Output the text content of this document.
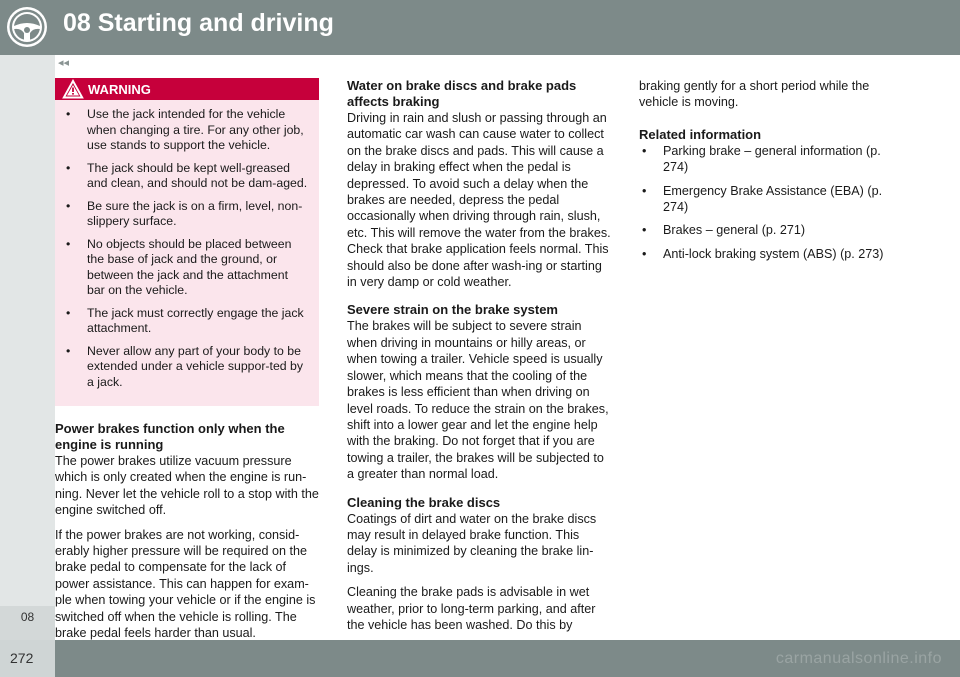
08 Starting and driving
08
◂◂
WARNING
• Use the jack intended for the vehicle when changing a tire. For any other job, use stands to support the vehicle.
• The jack should be kept well-greased and clean, and should not be dam-aged.
• Be sure the jack is on a firm, level, non-slippery surface.
• No objects should be placed between the base of jack and the ground, or between the jack and the attachment bar on the vehicle.
• The jack must correctly engage the jack attachment.
• Never allow any part of your body to be extended under a vehicle suppor-ted by a jack.
Power brakes function only when the engine is running

The power brakes utilize vacuum pressure which is only created when the engine is run-ning. Never let the vehicle roll to a stop with the engine switched off.

If the power brakes are not working, consid-erably higher pressure will be required on the brake pedal to compensate for the lack of power assistance. This can happen for exam-ple when towing your vehicle or if the engine is switched off when the vehicle is rolling. The brake pedal feels harder than usual.

Water on brake discs and brake pads affects braking

Driving in rain and slush or passing through an automatic car wash can cause water to collect on the brake discs and pads. This will cause a delay in braking effect when the pedal is depressed. To avoid such a delay when the brakes are needed, depress the pedal occasionally when driving through rain, slush, etc. This will remove the water from the brakes. Check that brake application feels normal. This should also be done after wash-ing or starting in very damp or cold weather.

Severe strain on the brake system

The brakes will be subject to severe strain when driving in mountains or hilly areas, or when towing a trailer. Vehicle speed is usually slower, which means that the cooling of the brakes is less efficient than when driving on level roads. To reduce the strain on the brakes, shift into a lower gear and let the engine help with the braking. Do not forget that if you are towing a trailer, the brakes will be subjected to a greater than normal load.

Cleaning the brake discs

Coatings of dirt and water on the brake discs may result in delayed brake function. This delay is minimized by cleaning the brake lin-ings.

Cleaning the brake pads is advisable in wet weather, prior to long-term parking, and after the vehicle has been washed. Do this by

braking gently for a short period while the vehicle is moving.

Related information
• Parking brake – general information (p. 274)
• Emergency Brake Assistance (EBA) (p. 274)
• Brakes – general (p. 271)
• Anti-lock braking system (ABS) (p. 273)
272	carmanualsonline.info
